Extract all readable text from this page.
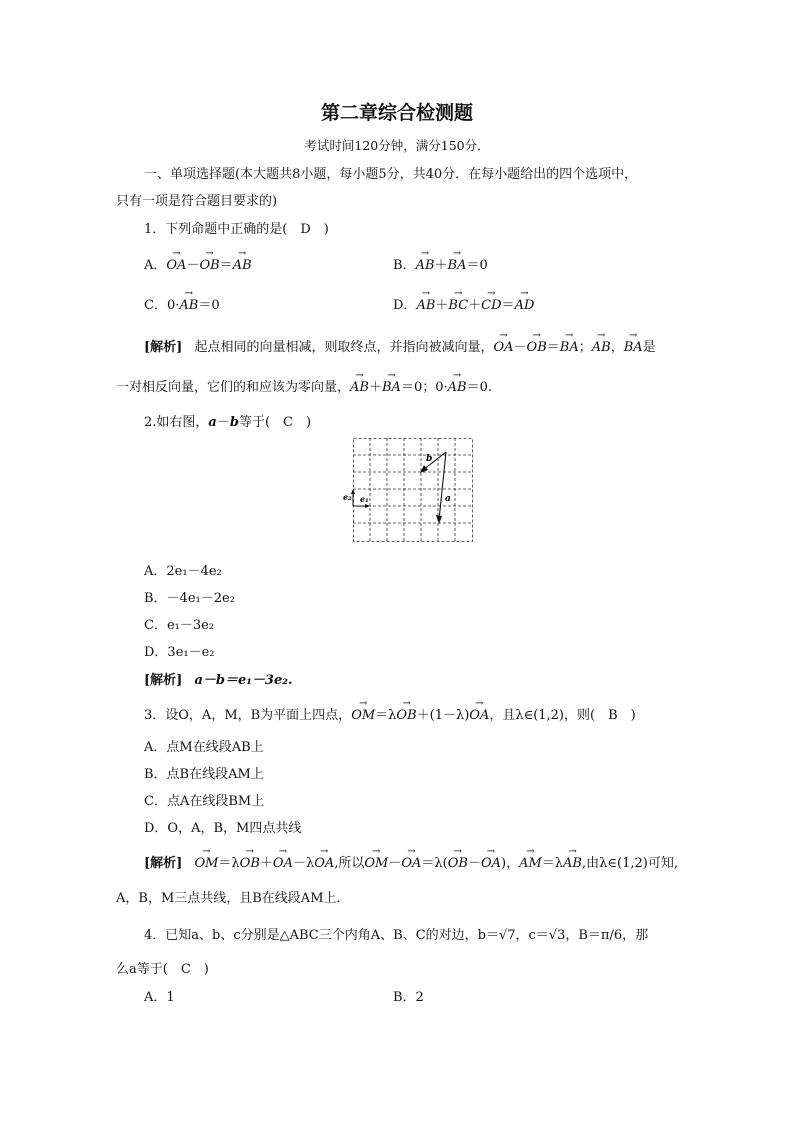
第二章综合检测题
考试时间120分钟，满分150分．
一、单项选择题(本大题共8小题，每小题5分，共40分．在每小题给出的四个选项中，
只有一项是符合题目要求的)
1．下列命题中正确的是(　D　)
A．→ OA－→ OB＝→ AB	B．→ AB＋→ BA＝0
C．0·→ AB＝0	D．→ AB＋→ BC＋→ CD＝→ AD
[解析] 起点相同的向量相减，则取终点，并指向被减向量，→ OA－→ OB＝→ BA；→ AB，→ BA是
一对相反向量，它们的和应该为零向量，→ AB＋→ BA＝0；0·→ AB＝0.
2.如右图，a－b等于(　C　)
b
a
e₁
e₂
A．2e₁－4e₂
B．－4e₁－2e₂
C．e₁－3e₂
D．3e₁－e₂
[解析] a－b＝e₁－3e₂.
3．设O，A，M，B为平面上四点，→ OM＝λ→ OB＋(1－λ)→ OA，且λ∈(1,2)，则(　B　)
A．点M在线段AB上
B．点B在线段AM上
C．点A在线段BM上
D．O，A，B，M四点共线
[解析] → OM＝λ→ OB＋→ OA－λ→ OA,所以→ OM－→ OA＝λ(→ OB－→ OA)，→ AM＝λ→ AB,由λ∈(1,2)可知,
A，B，M三点共线，且B在线段AM上．
4．已知a、b、c分别是△ABC三个内角A、B、C的对边，b＝√7，c＝√3，B＝π/6，那
么a等于(　C　)
A．1	B．2
